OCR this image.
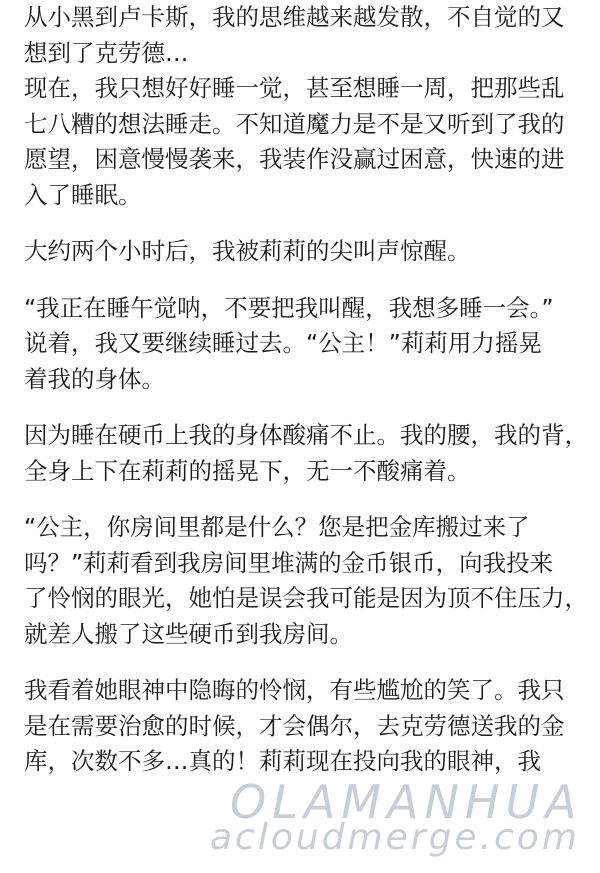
从小黑到卢卡斯，我的思维越来越发散，不自觉的又
想到了克劳德…

现在，我只想好好睡一觉，甚至想睡一周，把那些乱
七八糟的想法睡走。不知道魔力是不是又听到了我的
愿望，困意慢慢袭来，我装作没赢过困意，快速的进
入了睡眠。

大约两个小时后，我被莉莉的尖叫声惊醒。

“我正在睡午觉呐，不要把我叫醒，我想多睡一会。”
说着，我又要继续睡过去。“公主！”莉莉用力摇晃
着我的身体。

因为睡在硬币上我的身体酸痛不止。我的腰，我的背，
全身上下在莉莉的摇晃下，无一不酸痛着。

“公主，你房间里都是什么？您是把金库搬过来了
吗？”莉莉看到我房间里堆满的金币银币，向我投来
了怜悯的眼光，她怕是误会我可能是因为顶不住压力，
就差人搬了这些硬币到我房间。

我看着她眼神中隐晦的怜悯，有些尴尬的笑了。我只
是在需要治愈的时候，才会偶尔，去克劳德送我的金
库，次数不多…真的！莉莉现在投向我的眼神，我

OLAMANHUA
acloudmerge.com
